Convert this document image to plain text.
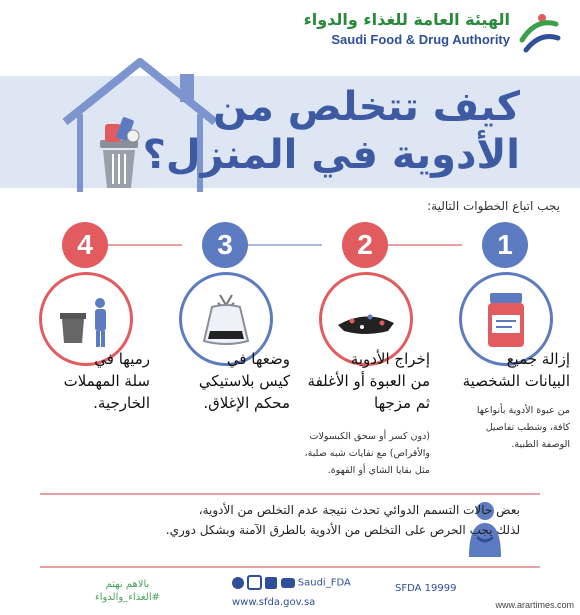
الهيئة العامة للغذاء والدواء
Saudi Food & Drug Authority
كيف تتخلص من
الأدوية في المنزل؟
يجب اتباع الخطوات التالية:
4
رميها في
سلة المهملات
الخارجية.
3
وضعها في
كيس بلاستيكي
محكم الإغلاق.
2
إخراج الأدوية
من العبوة أو الأغلفة
ثم مزجها
(دون كسر أو سحق الكبسولات
والأقراص) مع نفايات شبه صلبة،
مثل بقايا الشاي أو القهوة.
1
إزالة جميع
البيانات الشخصية
من عبوة الأدوية بأنواعها
كافة، وشطب تفاصيل
الوصفة الطبية.
بعض حالات التسمم الدوائي تحدث نتيجة عدم التخلص من الأدوية،
لذلك يجب الحرص على التخلص من الأدوية بالطرق الآمنة وبشكل دوري.
بالاهم نهتم
#الغذاء_والدواء
Saudi_FDA
www.sfda.gov.sa
SFDA 19999
www.arartimes.com
